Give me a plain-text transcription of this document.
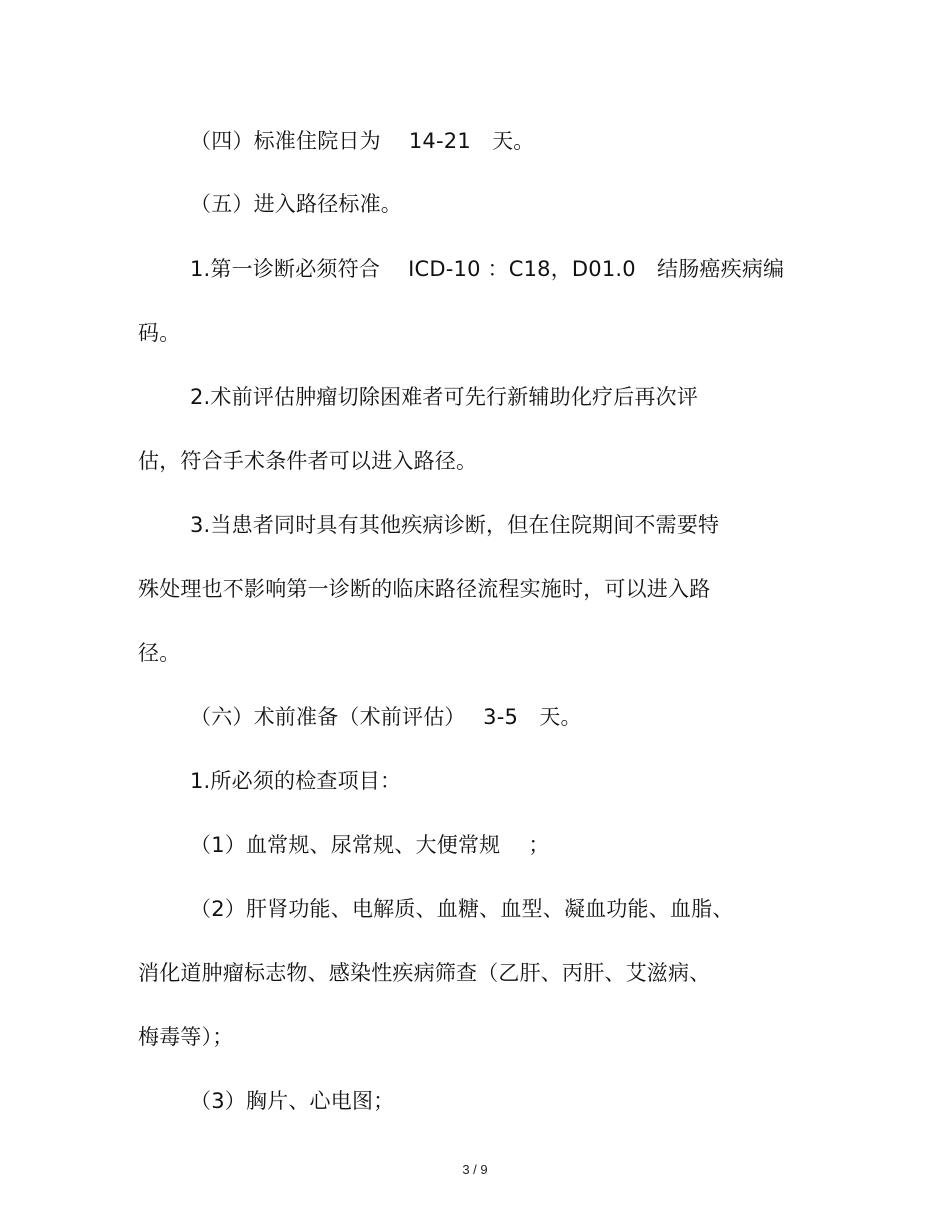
（四）标准住院日为　 14-21　天。

（五）进入路径标准。

1.第一诊断必须符合　 ICD-10 ：C18，D01.0　结肠癌疾病编

码。

2.术前评估肿瘤切除困难者可先行新辅助化疗后再次评

估，符合手术条件者可以进入路径。

3.当患者同时具有其他疾病诊断，但在住院期间不需要特

殊处理也不影响第一诊断的临床路径流程实施时，可以进入路

径。

（六）术前准备（术前评估）　 3-5　天。

1.所必须的检查项目：

（1）血常规、尿常规、大便常规　 ；

（2）肝肾功能、电解质、血糖、血型、凝血功能、血脂、

消化道肿瘤标志物、感染性疾病筛查（乙肝、丙肝、艾滋病、

梅毒等）；

（3）胸片、心电图；

3 / 9
